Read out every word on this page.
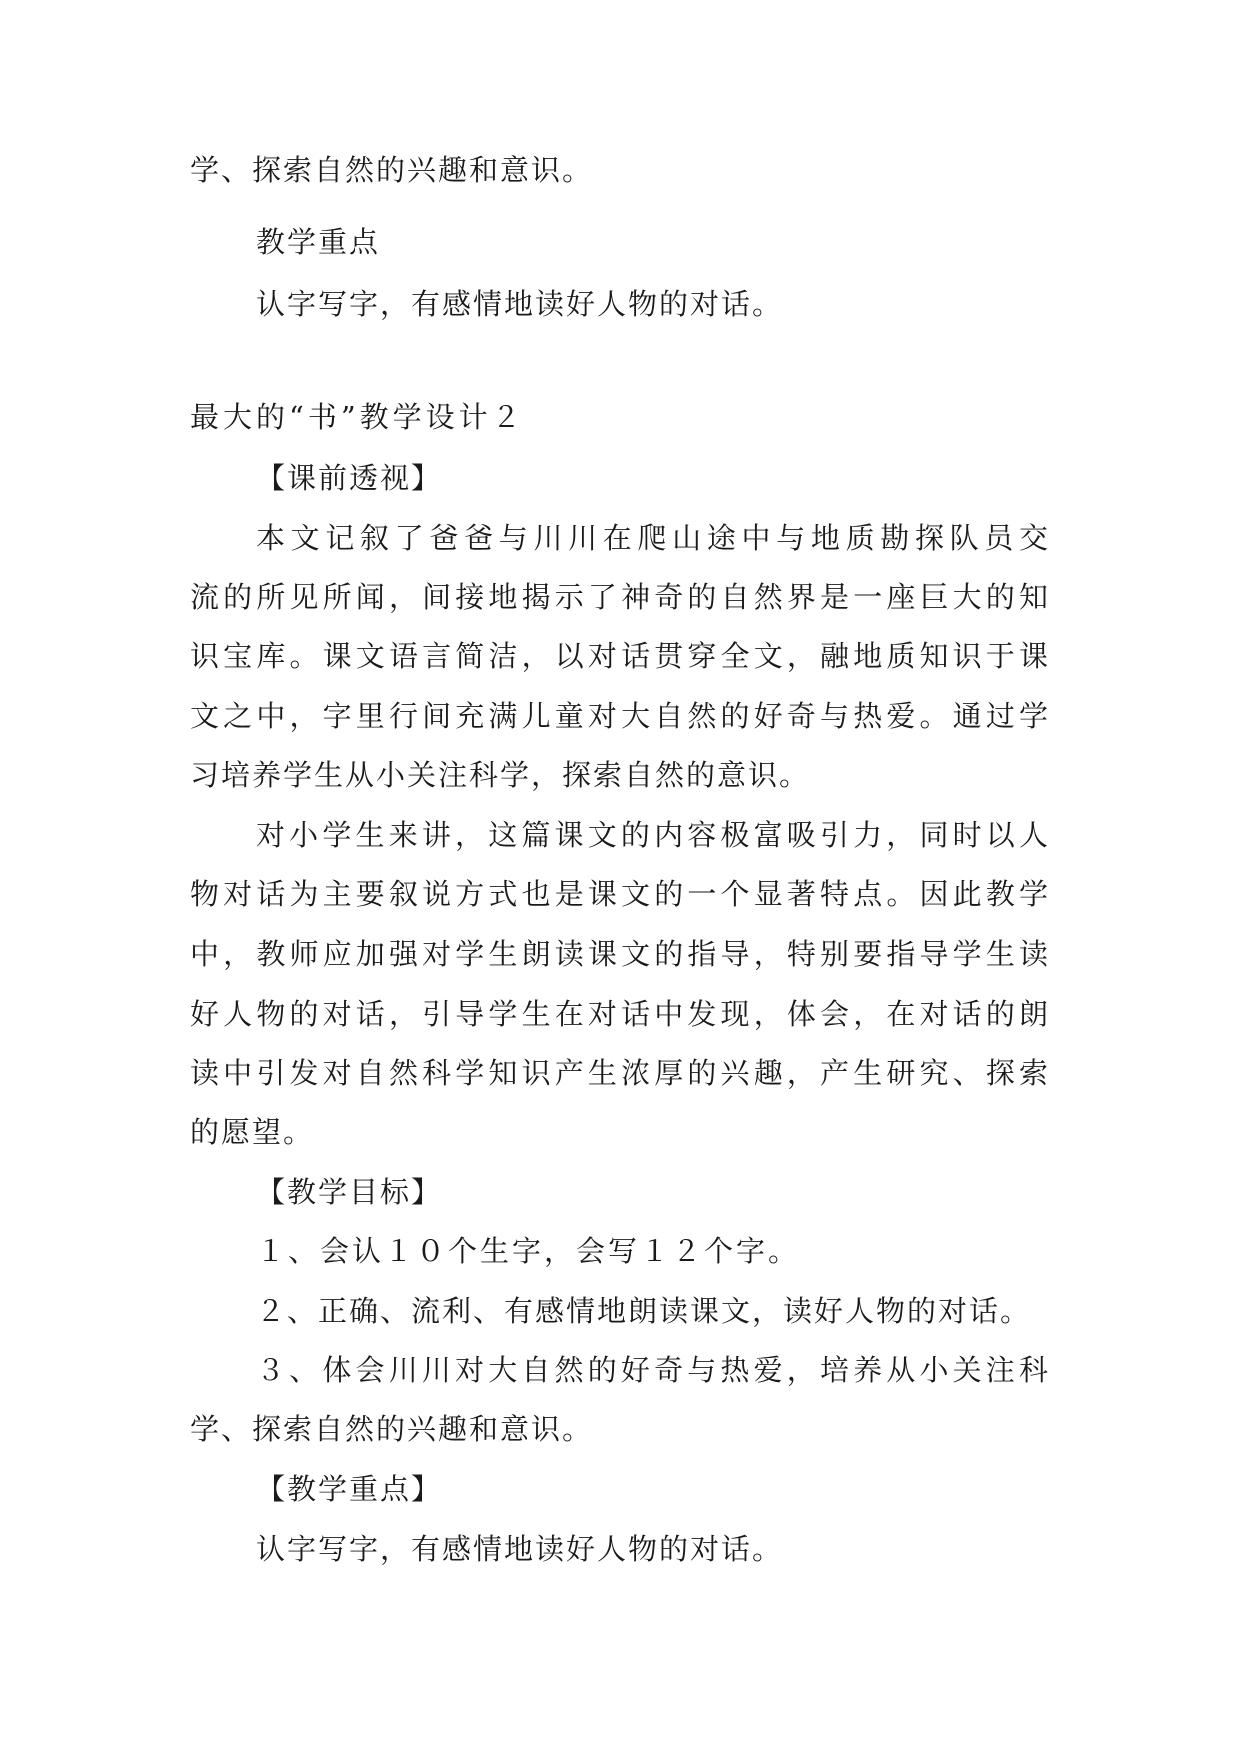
学、探索自然的兴趣和意识。

教学重点

认字写字，有感情地读好人物的对话。

最大的“书”教学设计２

【课前透视】

本文记叙了爸爸与川川在爬山途中与地质勘探队员交

流的所见所闻，间接地揭示了神奇的自然界是一座巨大的知

识宝库。课文语言简洁，以对话贯穿全文，融地质知识于课

文之中，字里行间充满儿童对大自然的好奇与热爱。通过学

习培养学生从小关注科学，探索自然的意识。

对小学生来讲，这篇课文的内容极富吸引力，同时以人

物对话为主要叙说方式也是课文的一个显著特点。因此教学

中，教师应加强对学生朗读课文的指导，特别要指导学生读

好人物的对话，引导学生在对话中发现，体会，在对话的朗

读中引发对自然科学知识产生浓厚的兴趣，产生研究、探索

的愿望。

【教学目标】

１、会认１０个生字，会写１２个字。

２、正确、流利、有感情地朗读课文，读好人物的对话。

３、体会川川对大自然的好奇与热爱，培养从小关注科

学、探索自然的兴趣和意识。

【教学重点】

认字写字，有感情地读好人物的对话。
